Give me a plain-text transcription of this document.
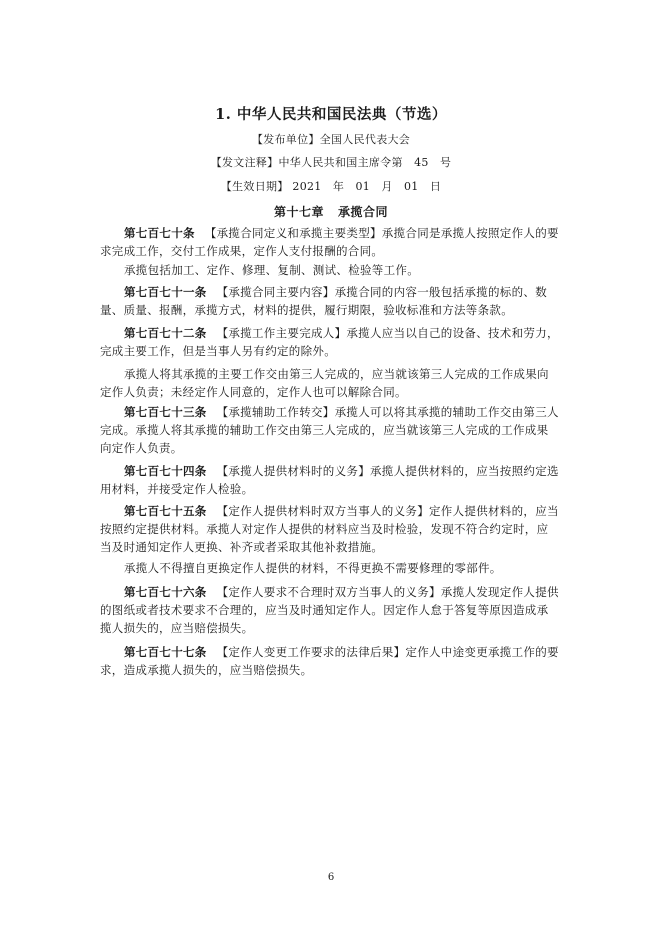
1. 中华人民共和国民法典（节选）
【发布单位】全国人民代表大会
【发文注释】中华人民共和国主席令第　45　号
【生效日期】 2021　年　01　月　01　日
第十七章 承揽合同

第七百七十条 【承揽合同定义和承揽主要类型】承揽合同是承揽人按照定作人的要求完成工作，交付工作成果，定作人支付报酬的合同。

承揽包括加工、定作、修理、复制、测试、检验等工作。

第七百七十一条 【承揽合同主要内容】承揽合同的内容一般包括承揽的标的、数量、质量、报酬，承揽方式，材料的提供，履行期限，验收标准和方法等条款。

第七百七十二条 【承揽工作主要完成人】承揽人应当以自己的设备、技术和劳力，完成主要工作，但是当事人另有约定的除外。

承揽人将其承揽的主要工作交由第三人完成的，应当就该第三人完成的工作成果向定作人负责；未经定作人同意的，定作人也可以解除合同。

第七百七十三条 【承揽辅助工作转交】承揽人可以将其承揽的辅助工作交由第三人完成。承揽人将其承揽的辅助工作交由第三人完成的，应当就该第三人完成的工作成果向定作人负责。

第七百七十四条 【承揽人提供材料时的义务】承揽人提供材料的，应当按照约定选用材料，并接受定作人检验。

第七百七十五条 【定作人提供材料时双方当事人的义务】定作人提供材料的，应当按照约定提供材料。承揽人对定作人提供的材料应当及时检验，发现不符合约定时，应当及时通知定作人更换、补齐或者采取其他补救措施。

承揽人不得擅自更换定作人提供的材料，不得更换不需要修理的零部件。

第七百七十六条 【定作人要求不合理时双方当事人的义务】承揽人发现定作人提供的图纸或者技术要求不合理的，应当及时通知定作人。因定作人怠于答复等原因造成承揽人损失的，应当赔偿损失。

第七百七十七条 【定作人变更工作要求的法律后果】定作人中途变更承揽工作的要求，造成承揽人损失的，应当赔偿损失。

6
